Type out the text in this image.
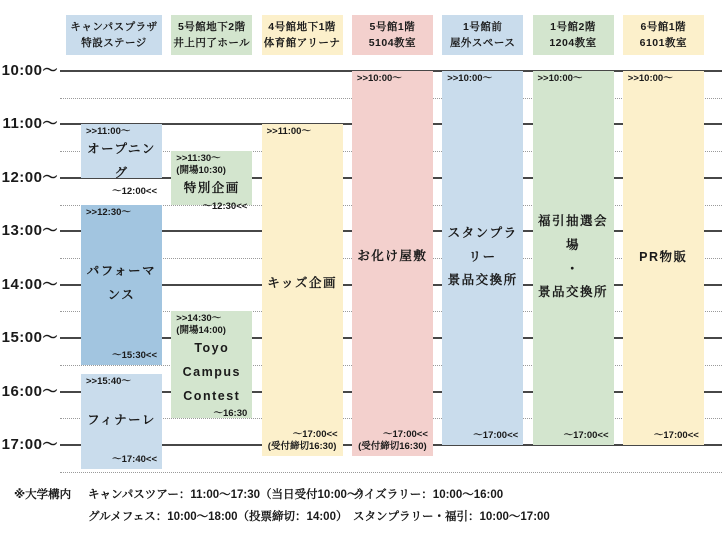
10:00～
11:00～
12:00～
13:00～
14:00～
15:00～
16:00～
17:00～
キャンパスプラザ
特設ステージ
>>11:00～
オープニング
～12:00<<
>>12:30～
パフォーマンス
～15:30<<
>>15:40～
フィナーレ
～17:40<<
5号館地下2階
井上円了ホール
>>11:30～
(開場10:30)
特別企画
～12:30<<
>>14:30～
(開場14:00)
Toyo
Campus
Contest
～16:30
4号館地下1階
体育館アリーナ
>>11:00～
キッズ企画
～17:00<<
(受付締切16:30)
5号館1階
5104教室
>>10:00～
お化け屋敷
～17:00<<
(受付締切16:30)
1号館前
屋外スペース
>>10:00～
スタンプラリー
景品交換所
～17:00<<
1号館2階
1204教室
>>10:00～
福引抽選会場
・
景品交換所
～17:00<<
6号館1階
6101教室
>>10:00～
PR物販
～17:00<<
※大学構内 キャンパスツアー：11:00～17:30（当日受付10:00～）
グルメフェス：10:00～18:00（投票締切：14:00）
クイズラリー：10:00～16:00
スタンプラリー・福引：10:00～17:00
